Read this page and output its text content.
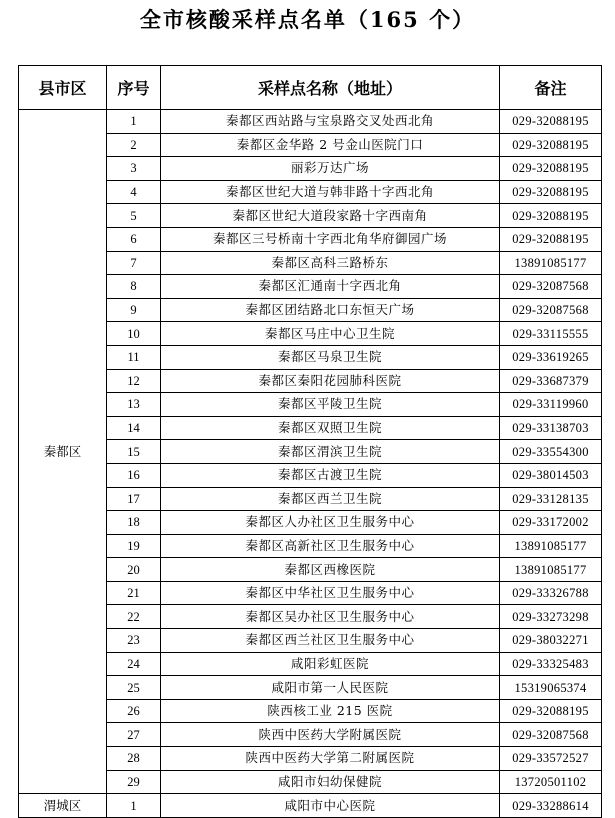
全市核酸采样点名单（165 个）
县市区	序号	采样点名称（地址）	备注
秦都区	1	秦都区西站路与宝泉路交叉处西北角	029-32088195
	2	秦都区金华路 2 号金山医院门口	029-32088195
	3	丽彩万达广场	029-32088195
	4	秦都区世纪大道与韩非路十字西北角	029-32088195
	5	秦都区世纪大道段家路十字西南角	029-32088195
	6	秦都区三号桥南十字西北角华府御园广场	029-32088195
	7	秦都区高科三路桥东	13891085177
	8	秦都区汇通南十字西北角	029-32087568
	9	秦都区团结路北口东恒天广场	029-32087568
	10	秦都区马庄中心卫生院	029-33115555
	11	秦都区马泉卫生院	029-33619265
	12	秦都区秦阳花园肺科医院	029-33687379
	13	秦都区平陵卫生院	029-33119960
	14	秦都区双照卫生院	029-33138703
	15	秦都区渭滨卫生院	029-33554300
	16	秦都区古渡卫生院	029-38014503
	17	秦都区西兰卫生院	029-33128135
	18	秦都区人办社区卫生服务中心	029-33172002
	19	秦都区高新社区卫生服务中心	13891085177
	20	秦都区西橡医院	13891085177
	21	秦都区中华社区卫生服务中心	029-33326788
	22	秦都区吴办社区卫生服务中心	029-33273298
	23	秦都区西兰社区卫生服务中心	029-38032271
	24	咸阳彩虹医院	029-33325483
	25	咸阳市第一人民医院	15319065374
	26	陕西核工业 215 医院	029-32088195
	27	陕西中医药大学附属医院	029-32087568
	28	陕西中医药大学第二附属医院	029-33572527
	29	咸阳市妇幼保健院	13720501102
渭城区	1	咸阳市中心医院	029-33288614
